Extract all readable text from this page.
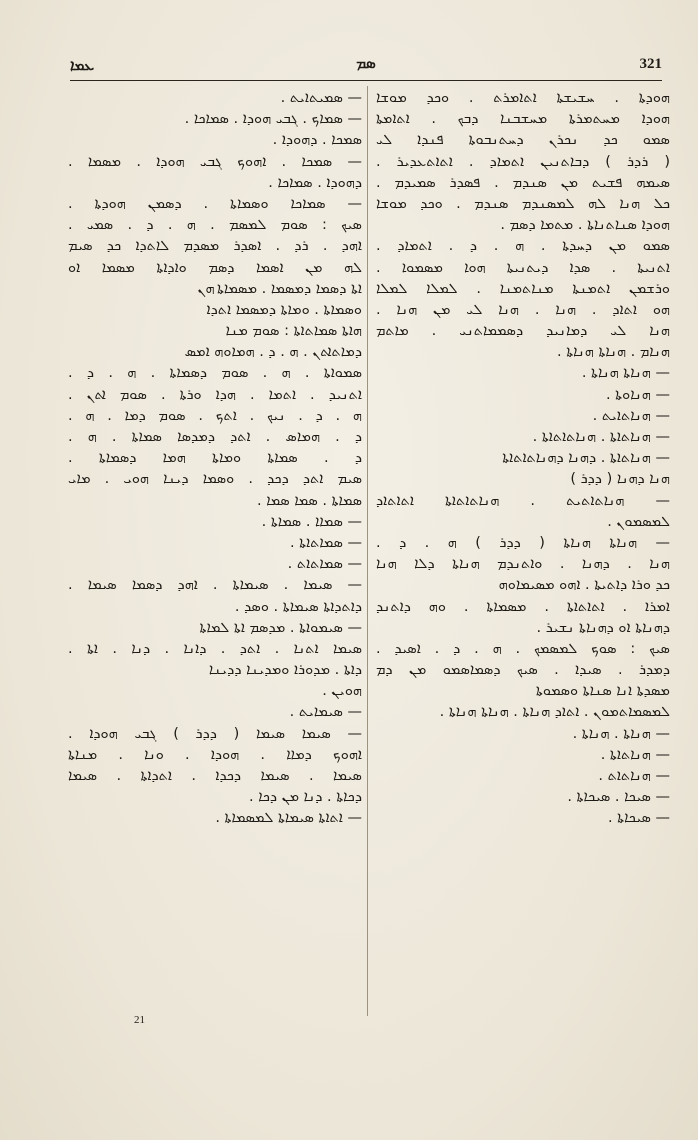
ܥܡܐ	ܣܡ	321
ܗܘܕܬܐ . ܚܫܝܫܬܐ ܐܬܐܡܪܬ . ܘܟܕ ܡܘܫܐ
ܗܘܕܐ ܡܚܬܡܪܬܐ ܡܚܫܒܢܐ ܕܒܟ . ܐܬܐܡܬܐ
ܣܡܘ ܟܕ ܢܟܪܢ ܕܚܬܢܒܘܬܐ ܦܢܕܐ ܠܝ
( ܪܕܪ ) ܕܒܐܬܢܝܢ ܐܬܡܐܕ . ܐܬܐܬܥܕܝܪ .
ܣܝܡܗ ܦܫܝܬ ܡܢ ܣܢܕܡ . ܦܣܕܪ ܣܡܝܕܡ .
ܟܠ ܗܢܐ ܠܗ ܠܡܣܢܕܡ ܣܢܕܡ . ܘܟܕ ܡܘܫܐ
ܗܘܕܐ ܣܢܐܬܢܐܬܐ . ܡܬܡܐ ܕܣܡ .
ܣܡܘ ܡܢ ܕܚܕܬܐ . ܗ . ܕ . ܐܬܡܐܕ .
ܐܬܢܝܬܐ . ܣܕܐ ܕܝܬܢܝܬܐ ܗܘܐ ܡܣܡܘܐ .
ܘܪܫܡܢ ܐܬܡܢܬܐ ܡܢܐܬܡܢܐ . ܠܡܠܐ ܠܡܠܐ
ܗܘ ܐܬܐܕ . ܗܢܐ . ܗܢܐ ܠܝ ܡܢ ܗܢܐ .
ܗܢܐ ܠܝ ܕܡܐܢܝܕ ܕܣܡܡܐܬܢܝ . ܡܐܬܡ
ܗܢܐܡ . ܗܢܐܬܐ ܗܢܐܬܐ .
— ܗܢܐܬܐ ܗܢܐܬܐ .
— ܗܢܐܘܬܐ .
— ܗܢܐܬܐܝܬ .
— ܗܢܐܬܐܬܐ . ܗܢܐܬܐܬܐܬܐ .
— ܗܢܐܬܐܬܐ . ܕܗܢܐ ܕܗܢܐܬܐܬܐܬܐ
ܗܢܐ ܕܗܢܐ ( ܕܕܪ )
— ܗܢܐܬܐܬܝܬ . ܗܢܐܬܐܬܐܬܐ ܐܬܐܬܐܕ
ܠܡܣܡܘܢ .
— ܗܢܐܬܐ ܗܢܐܬܐ ( ܕܕܪ ) ܗ . ܕ .
ܗܢܐ . ܕܗܢܐ . ܘܐܬܢܕܡ ܗܢܐܬܐ ܕܠܐ ܗܢܐ
ܟܕ ܘܪܐ ܕܐܬܝܬܐ . ܐܗܘ ܡܣܝܡܐܘܗ
ܐܡܪܐ . ܐܬܐܬܐܬܐ . ܡܣܡܐܬܐ . ܘܗ ܕܐܬܢܕ
ܕܗܢܐܬܐ ܐܘ ܕܗܢܐܬܐ ܢܫܝܪ .
ܣܝܟ : ܣܘܟ ܠܡܣܡܟ . ܗ . ܕ . ܐܣܝܕ .
ܕܡܕܪ . ܣܝܕܐ . ܣܝܟ ܕܣܡܐܣܡܘ ܡܢ ܕܡ
ܡܣܕܬܐ ܐܢܐ ܣܢܐܬܐ ܘܣܡܘܬܐ
ܠܡܣܡܐܬܡܘܢ . ܐܬܐܕ ܗܢܐܬܐ . ܗܢܐܬܐ ܗܢܐܬܐ .
— ܗܢܐܬܐ . ܗܢܐܬܐ .
— ܗܢܐܬܐܬܐ .
— ܗܢܐܬܐܬ .
— ܣܝܟܐ . ܣܝܟܐܬܐ .
— ܣܝܟܐܬܐ .
— ܣܡܝܬܐܝܬ .
— ܣܡܐܟ . ܓܒܝ ܗܘܕܐ . ܣܡܐܟܐ .
ܣܡܟܐ . ܕܗܘܕܐ .
— ܣܡܟܐ . ܐܗܘܟ ܓܒܝ ܗܘܕܐ . ܡܣܡܐ .
ܕܗܘܕܐ . ܣܡܐܟܐ .
— ܣܡܐܟܐ ܘܣܡܐܬܐ . ܕܣܡܢ ܗܘܕܬܐ .
ܣܝܟ : ܣܘܡ ܠܡܣܡ . ܗ . ܕ . ܣܡܝ .
ܐܗܕ . ܪܕ . ܐܣܕܪ ܡܣܕܡ ܠܐܬܕܐ ܟܕ ܣܝܡ
ܠܗ ܡܢ ܐܣܡܐ ܕܣܡ ܘܐܕܐܬܐ ܡܣܡܐ ܐܘ
ܐܬܐ ܕܣܡܐ ܕܡܣܡܐ . ܡܣܡܐܬܐ ܗܢ
ܘܣܡܐܬܐ . ܘܡܐܬܐ ܕܡܣܡܐ ܐܬܕܐ
ܗܐܬܐ ܣܡܐܬܐܬܐ : ܣܘܡ ܡܢܐ
ܕܡܐܬܐܬܢ . ܗ . ܕ . ܗܡܐܘܗ ܐܡܣ
ܣܡܘܐܬܐ . ܗ . ܣܘܡ ܕܣܡܐܬܐ . ܗ . ܕ .
ܐܬܢܝܕ . ܐܬܡܐ . ܗܕܐ ܘܪܬܐ . ܣܘܡ ܐܬܢ .
ܗ . ܕ . ܢܝܟ . ܐܬܟ . ܣܘܡ ܕܡܐ . ܗ .
ܕ . ܗܡܐܣ . ܐܬܕ ܕܡܕܣܐ ܣܡܐܬܐ . ܗ .
ܕ . ܣܡܐܬܐ ܘܡܐܬܐ ܗܡܐ ܕܣܡܐܬܐ .
ܣܝܡ ܐܬܕ ܕܟܕ . ܘܣܡܐ ܕܝܢܐ ܗܘܝ . ܡܐܝ
ܣܡܐܬܐ . ܣܡܐ ܣܡܐ .
— ܣܡܐܐ . ܣܡܐܬܐ .
— ܣܡܐܬܐܬܐ .
— ܣܡܐܬܐܬ .
— ܣܝܡܐ . ܣܝܡܐܬܐ . ܐܗܕ ܕܣܡܐ ܣܝܡܐ .
ܕܐܬܕܐܬܐ ܣܝܡܐܬܐ . ܘܣܕ .
— ܣܝܡܘܐܬܐ . ܡܕܣܡ ܐܬܐ ܠܡܐܬܐ
ܣܝܡܐ ܐܬܢܐ . ܐܬܕ . ܕܐܢܐ . ܕܢܐ . ܐܬܐ .
ܕܐܬܐ . ܡܕܘܪܐ ܘܡܕܝܢܐ ܕܕܝܢܐ
ܗܘܝܢ .
— ܣܝܡܐܝܬ .
— ܣܝܡܐ ܣܝܡܐ ( ܕܕܪ ) ܓܒܝ ܗܘܕܐ .
ܐܗܘܟ ܕܡܐܐ . ܗܘܕܐ . ܘܢܐ . ܡܢܐܬܐ
ܣܝܡܐ . ܣܝܡܐ ܕܟܕܐ . ܐܬܕܐܬܐ . ܣܝܡܐ
ܕܟܐܬܐ . ܕܢܐ ܡܢ ܕܟܐ .
— ܐܬܐܬܐ ܣܝܡܐܬܐ ܠܡܣܡܐܬܐ .
21
